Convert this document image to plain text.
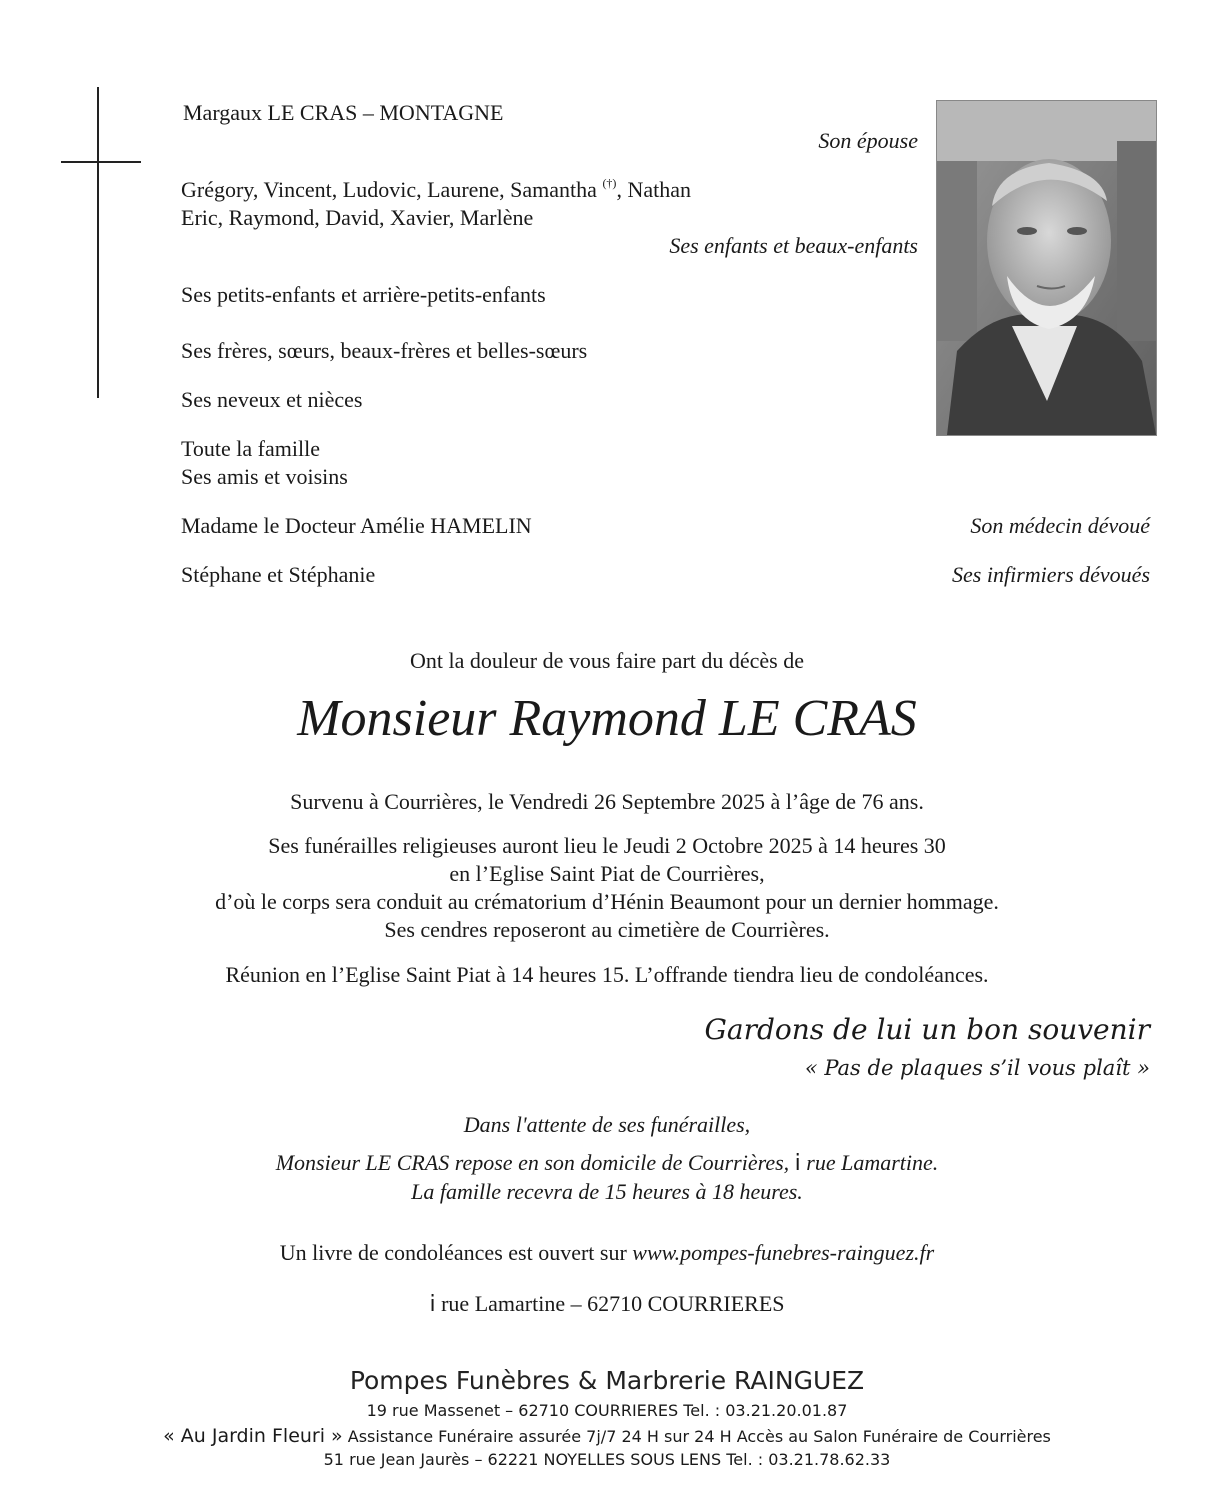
Margaux LE CRAS – MONTAGNE
Son épouse
Grégory, Vincent, Ludovic, Laurene, Samantha (†), Nathan
Eric, Raymond, David, Xavier, Marlène
Ses enfants et beaux-enfants
Ses petits-enfants et arrière-petits-enfants
Ses frères, sœurs, beaux-frères et belles-sœurs
Ses neveux et nièces
Toute la famille
Ses amis et voisins
Madame le Docteur Amélie HAMELIN	Son médecin dévoué
Stéphane et Stéphanie	Ses infirmiers dévoués
Ont la douleur de vous faire part du décès de
Monsieur Raymond LE CRAS
Survenu à Courrières, le Vendredi 26 Septembre 2025 à l’âge de 76 ans.
Ses funérailles religieuses auront lieu le Jeudi 2 Octobre 2025 à 14 heures 30
en l’Eglise Saint Piat de Courrières,
d’où le corps sera conduit au crématorium d’Hénin Beaumont pour un dernier hommage.
Ses cendres reposeront au cimetière de Courrières.
Réunion en l’Eglise Saint Piat à 14 heures 15. L’offrande tiendra lieu de condoléances.
Gardons de lui un bon souvenir
« Pas de plaques s’il vous plaît »
Dans l'attente de ses funérailles,
Monsieur LE CRAS repose en son domicile de Courrières, i rue Lamartine.
La famille recevra de 15 heures à 18 heures.
Un livre de condoléances est ouvert sur www.pompes-funebres-rainguez.fr
i rue Lamartine – 62710 COURRIERES
Pompes Funèbres & Marbrerie RAINGUEZ
19 rue Massenet – 62710 COURRIERES Tel. : 03.21.20.01.87
« Au Jardin Fleuri » Assistance Funéraire assurée 7j/7 24 H sur 24 H Accès au Salon Funéraire de Courrières
51 rue Jean Jaurès – 62221 NOYELLES SOUS LENS Tel. : 03.21.78.62.33
